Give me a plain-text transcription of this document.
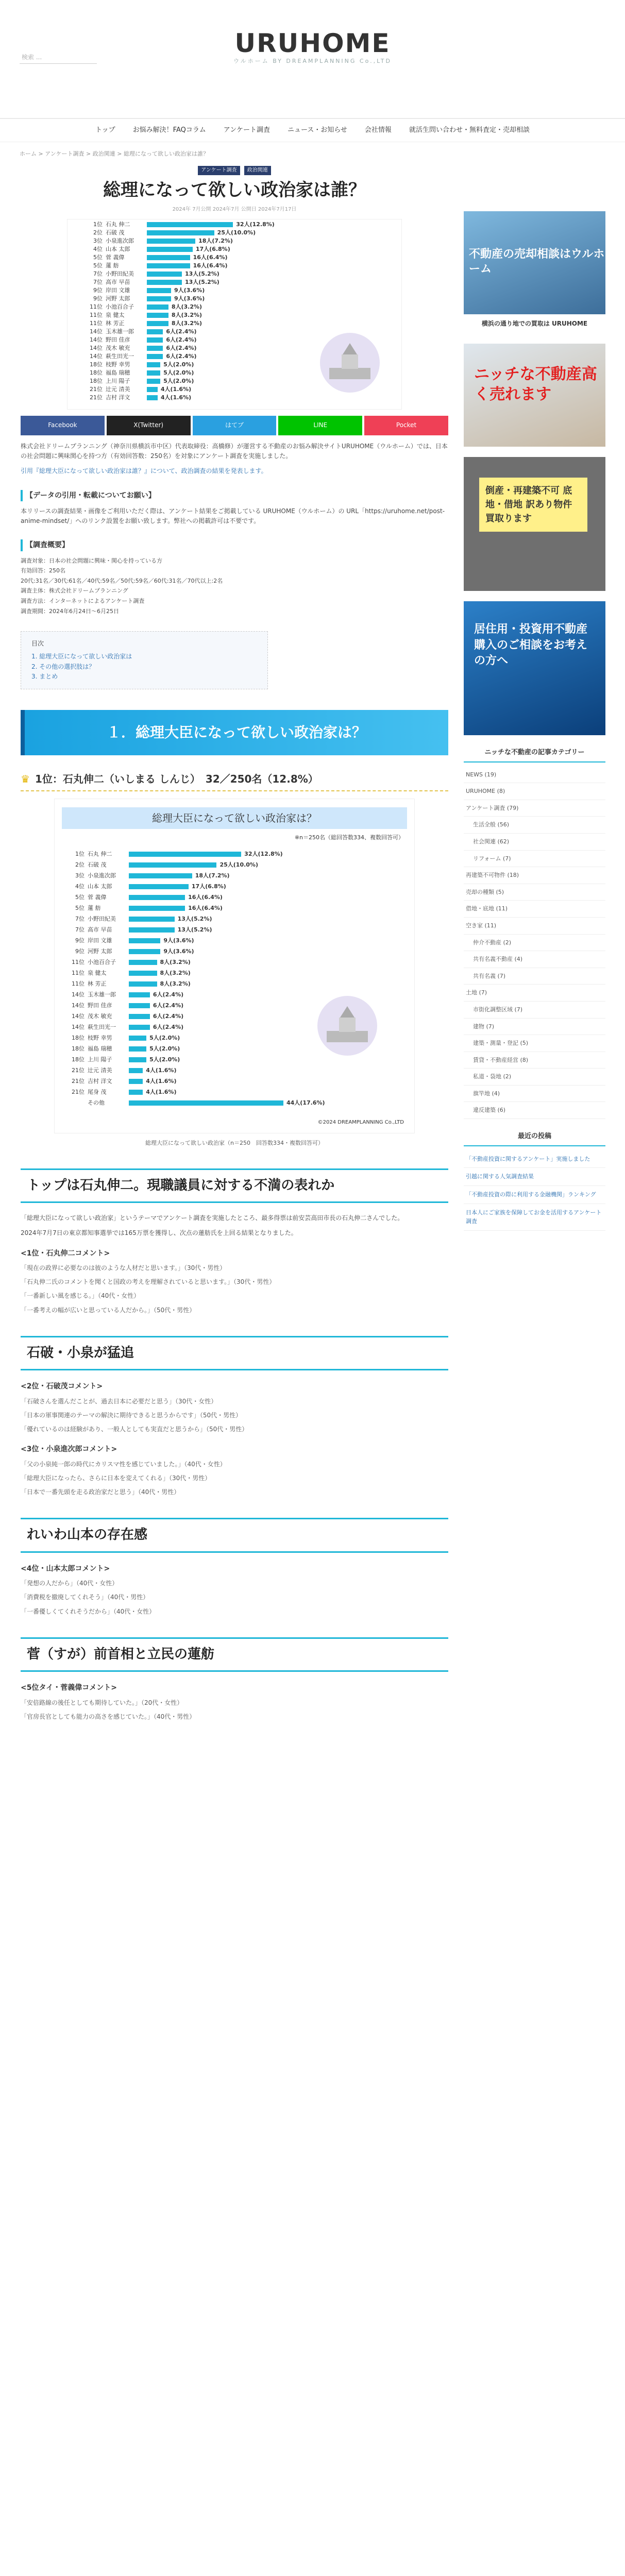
検索 ...	URUHOME
ウルホーム BY DREAMPLANNING Co.,LTD
トップ	お悩み解決！FAQコラム	アンケート調査	ニュース・お知らせ	会社情報	就活生問い合わせ・無料査定・売却相談
ホーム > アンケート調査 > 政治関連 > 総理になって欲しい政治家は誰？
アンケート調査 政治関連
総理になって欲しい政治家は誰？
2024年 7月公開 2024年7月 公開日 2024年7月17日
1位 石丸 伸二	32人(12.8%)
2位 石破 茂	25人(10.0%)
3位 小泉進次郎	18人(7.2%)
4位 山本 太郎	17人(6.8%)
5位 菅 義偉	16人(6.4%)
5位 蓮 舫	16人(6.4%)
7位 小野田紀美	13人(5.2%)
7位 高市 早苗	13人(5.2%)
9位 岸田 文雄	9人(3.6%)
9位 河野 太郎	9人(3.6%)
11位 小池百合子	8人(3.2%)
11位 泉 健太	8人(3.2%)
11位 林 芳正	8人(3.2%)
14位 玉木雄一郎	6人(2.4%)
14位 野田 佳彦	6人(2.4%)
14位 茂木 敏充	6人(2.4%)
14位 萩生田光一	6人(2.4%)
18位 枝野 幸男	5人(2.0%)
18位 福島 瑞穂	5人(2.0%)
18位 上川 陽子	5人(2.0%)
21位 辻元 清美	4人(1.6%)
21位 吉村 洋文	4人(1.6%)
Facebook	X(Twitter)	はてブ	LINE	Pocket

株式会社ドリームプランニング（神奈川県横浜市中区）代表取締役：高橋修）が運営する不動産のお悩み解決サイトURUHOME（ウルホーム）では、日本の社会問題に興味関心を持つ方（有効回答数：250名）を対象にアンケート調査を実施しました。

引用『総理大臣になって欲しい政治家は誰？』について、政治調査の結果を発表します。

【データの引用・転載についてお願い】

本リリースの調査結果・画像をご利用いただく際は、アンケート結果をご掲載している URUHOME（ウルホーム）の URL「https://uruhome.net/post-anime-mindset/」へのリンク設置をお願い致します。弊社への掲載許可は不要です。

【調査概要】
調査対象：日本の社会問題に興味・関心を持っている方
有効回答：250名
20代:31名／30代:61名／40代:59名／50代:59名／60代:31名／70代以上:2名
調査主体：株式会社ドリームプランニング
調査方法：インターネットによるアンケート調査
調査期間：2024年6月24日〜6月25日
目次
1. 総理大臣になって欲しい政治家は
2. その他の選択肢は？
3. まとめ
１．総理大臣になって欲しい政治家は？
♛ 1位：石丸伸二（いしまる しんじ）　32／250名（12.8%）
総理大臣になって欲しい政治家は？
※n＝250名（総回答数334、複数回答可）
1位 石丸 伸二	32人(12.8%)
2位 石破 茂	25人(10.0%)
3位 小泉進次郎	18人(7.2%)
4位 山本 太郎	17人(6.8%)
5位 菅 義偉	16人(6.4%)
5位 蓮 舫	16人(6.4%)
7位 小野田紀美	13人(5.2%)
7位 高市 早苗	13人(5.2%)
9位 岸田 文雄	9人(3.6%)
9位 河野 太郎	9人(3.6%)
11位 小池百合子	8人(3.2%)
11位 泉 健太	8人(3.2%)
11位 林 芳正	8人(3.2%)
14位 玉木雄一郎	6人(2.4%)
14位 野田 佳彦	6人(2.4%)
14位 茂木 敏充	6人(2.4%)
14位 萩生田光一	6人(2.4%)
18位 枝野 幸男	5人(2.0%)
18位 福島 瑞穂	5人(2.0%)
18位 上川 陽子	5人(2.0%)
21位 辻元 清美	4人(1.6%)
21位 吉村 洋文	4人(1.6%)
21位 尾身 茂	4人(1.6%)
その他	44人(17.6%)
©2024 DREAMPLANNING Co.,LTD
総理大臣になって欲しい政治家（n＝250　回答数334・複数回答可）
トップは石丸伸二。現職議員に対する不満の表れか

「総理大臣になって欲しい政治家」というテーマでアンケート調査を実施したところ、最多得票は前安芸高田市長の石丸伸二さんでした。

2024年7月7日の東京都知事選挙では165万票を獲得し、次点の蓮舫氏を上回る結果となりました。

<1位・石丸伸二コメント>

「現在の政界に必要なのは彼のような人材だと思います。」（30代・男性）

「石丸伸二氏のコメントを聞くと国政の考えを理解されていると思います。」（30代・男性）

「一番新しい風を感じる。」（40代・女性）

「一番考えの幅が広いと思っている人だから。」（50代・男性）

石破・小泉が猛追
<2位・石破茂コメント>

「石破さんを選んだことが、過去日本に必要だと思う」（30代・女性）

「日本の軍事関連のテーマの解決に期待できると思うからです」（50代・男性）

「優れているのは経験があり、一般人としても実直だと思うから」（50代・男性）

<3位・小泉進次郎コメント>

「父の小泉純一郎の時代にカリスマ性を感じていました。」（40代・女性）

「総理大臣になったら、さらに日本を変えてくれる」（30代・男性）

「日本で一番先頭を走る政治家だと思う」（40代・男性）

れいわ山本の存在感
<4位・山本太郎コメント>

「発想の人だから」（40代・女性）

「消費税を撤廃してくれそう」（40代・男性）

「一番優しくてくれそうだから」（40代・女性）

菅（すが）前首相と立民の蓮舫
<5位タイ・菅義偉コメント>

「安倍路線の後任としても期待していた。」（20代・女性）

「官房長官としても能力の高さを感じていた。」（40代・男性）

不動産の売却相談はウルホーム
横浜の通り地での買取は URUHOME
ニッチな不動産高く売れます
倒産・再建築不可 底地・借地 訳あり物件 買取ります
居住用・投資用不動産購入のご相談をお考えの方へ
ニッチな不動産の記事カテゴリー
NEWS (19)
URUHOME (8)
アンケート調査 (79)
生活全般 (56)
社会関連 (62)
リフォーム (7)
再建築不可物件 (18)
売却の種類 (5)
借地・底地 (11)
空き家 (11)
仲介不動産 (2)
共有名義不動産 (4)
共有名義 (7)
土地 (7)
市街化調整区域 (7)
建物 (7)
建築・測量・登記 (5)
賃貸・不動産経営 (8)
私道・袋地 (2)
旗竿地 (4)
違反建築 (6)
最近の投稿
「不動産投資に関するアンケート」実施しました
引越に関する人気調査結果
「不動産投資の際に利用する金融機関」ランキング
日本人にご家族を保障してお金を活用するアンケート調査
